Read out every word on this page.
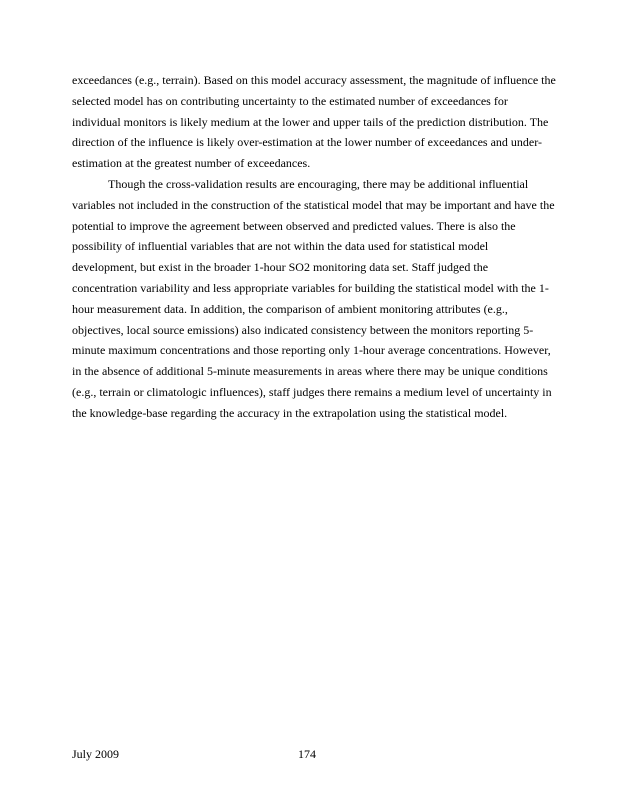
exceedances (e.g., terrain). Based on this model accuracy assessment, the magnitude of influence the selected model has on contributing uncertainty to the estimated number of exceedances for individual monitors is likely medium at the lower and upper tails of the prediction distribution. The direction of the influence is likely over-estimation at the lower number of exceedances and under-estimation at the greatest number of exceedances.

Though the cross-validation results are encouraging, there may be additional influential variables not included in the construction of the statistical model that may be important and have the potential to improve the agreement between observed and predicted values. There is also the possibility of influential variables that are not within the data used for statistical model development, but exist in the broader 1-hour SO2 monitoring data set. Staff judged the concentration variability and less appropriate variables for building the statistical model with the 1-hour measurement data. In addition, the comparison of ambient monitoring attributes (e.g., objectives, local source emissions) also indicated consistency between the monitors reporting 5-minute maximum concentrations and those reporting only 1-hour average concentrations. However, in the absence of additional 5-minute measurements in areas where there may be unique conditions (e.g., terrain or climatologic influences), staff judges there remains a medium level of uncertainty in the knowledge-base regarding the accuracy in the extrapolation using the statistical model.

July 2009	174
